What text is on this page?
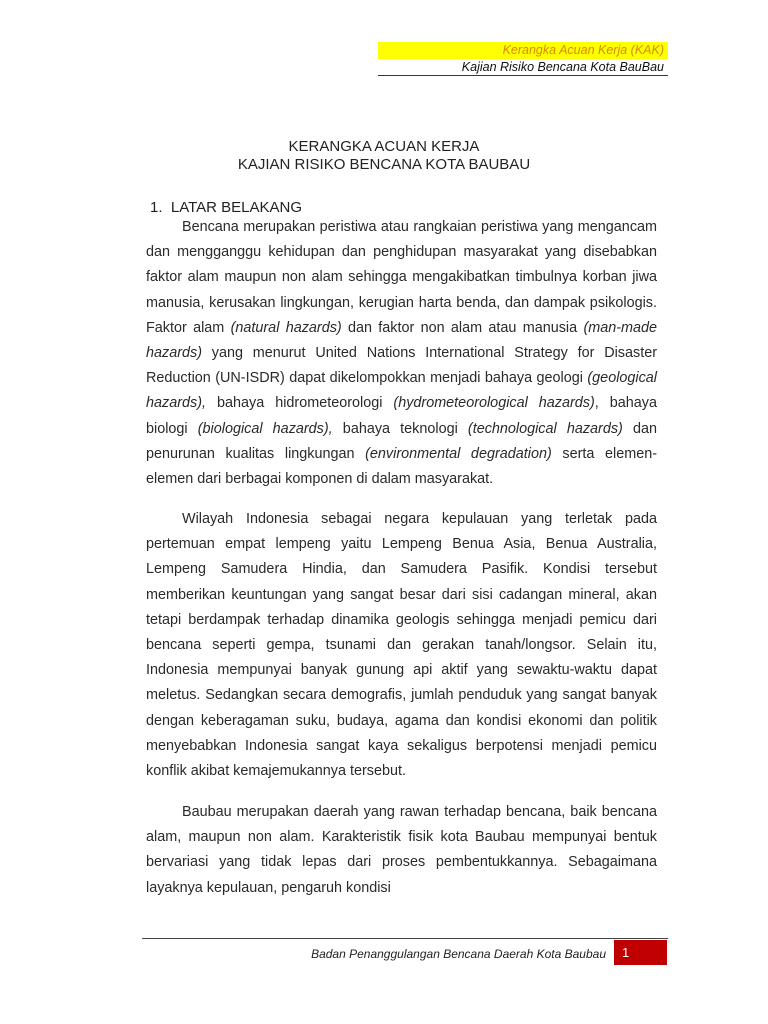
Kerangka Acuan Kerja (KAK)
Kajian Risiko Bencana Kota BauBau
KERANGKA ACUAN KERJA
KAJIAN RISIKO BENCANA KOTA BAUBAU
1. LATAR BELAKANG
Bencana merupakan peristiwa atau rangkaian peristiwa yang mengancam dan mengganggu kehidupan dan penghidupan masyarakat yang disebabkan faktor alam maupun non alam sehingga mengakibatkan timbulnya korban jiwa manusia, kerusakan lingkungan, kerugian harta benda, dan dampak psikologis. Faktor alam (natural hazards) dan faktor non alam atau manusia (man-made hazards) yang menurut United Nations International Strategy for Disaster Reduction (UN-ISDR) dapat dikelompokkan menjadi bahaya geologi (geological hazards), bahaya hidrometeorologi (hydrometeorological hazards), bahaya biologi (biological hazards), bahaya teknologi (technological hazards) dan penurunan kualitas lingkungan (environmental degradation) serta elemen-elemen dari berbagai komponen di dalam masyarakat.
Wilayah Indonesia sebagai negara kepulauan yang terletak pada pertemuan empat lempeng yaitu Lempeng Benua Asia, Benua Australia, Lempeng Samudera Hindia, dan Samudera Pasifik. Kondisi tersebut memberikan keuntungan yang sangat besar dari sisi cadangan mineral, akan tetapi berdampak terhadap dinamika geologis sehingga menjadi pemicu dari bencana seperti gempa, tsunami dan gerakan tanah/longsor. Selain itu, Indonesia mempunyai banyak gunung api aktif yang sewaktu-waktu dapat meletus. Sedangkan secara demografis, jumlah penduduk yang sangat banyak dengan keberagaman suku, budaya, agama dan kondisi ekonomi dan politik menyebabkan Indonesia sangat kaya sekaligus berpotensi menjadi pemicu konflik akibat kemajemukannya tersebut.
Baubau merupakan daerah yang rawan terhadap bencana, baik bencana alam, maupun non alam. Karakteristik fisik kota Baubau mempunyai bentuk bervariasi yang tidak lepas dari proses pembentukkannya. Sebagaimana layaknya kepulauan, pengaruh kondisi
Badan Penanggulangan Bencana Daerah Kota Baubau	1
